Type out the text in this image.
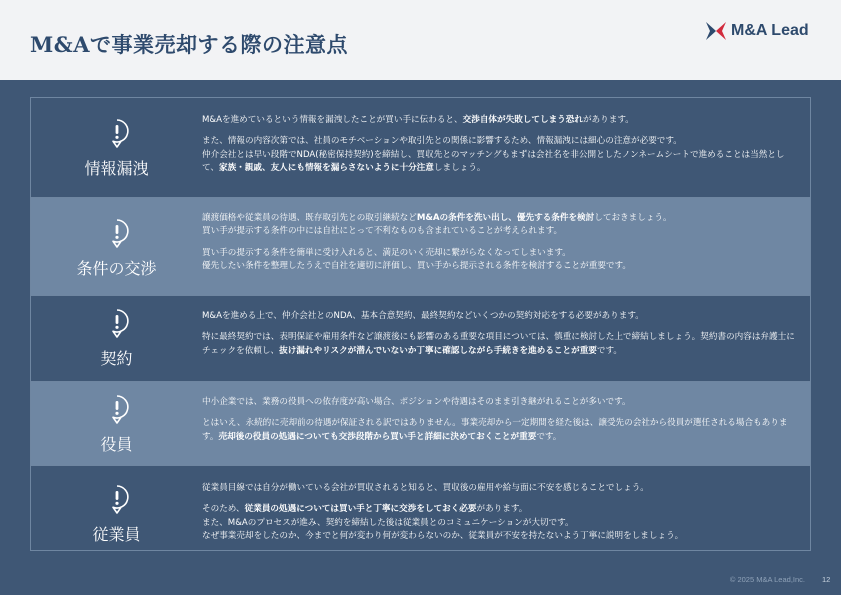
M&Aで事業売却する際の注意点
M&A Lead
情報漏洩
M&Aを進めているという情報を漏洩したことが買い手に伝わると、交渉自体が失敗してしまう恐れがあります。
また、情報の内容次第では、社員のモチベーションや取引先との関係に影響するため、情報漏洩には細心の注意が必要です。
仲介会社とは早い段階でNDA(秘密保持契約)を締結し、買収先とのマッチングもまずは会社名を非公開としたノンネームシートで進めることは当然として、家族・親戚、友人にも情報を漏らさないように十分注意しましょう。
条件の交渉
譲渡価格や従業員の待遇、既存取引先との取引継続などM&Aの条件を洗い出し、優先する条件を検討しておきましょう。
買い手が提示する条件の中には自社にとって不利なものも含まれていることが考えられます。
買い手の提示する条件を簡単に受け入れると、満足のいく売却に繋がらなくなってしまいます。
優先したい条件を整理したうえで自社を適切に評価し、買い手から提示される条件を検討することが重要です。
契約
M&Aを進める上で、仲介会社とのNDA、基本合意契約、最終契約などいくつかの契約対応をする必要があります。
特に最終契約では、表明保証や雇用条件など譲渡後にも影響のある重要な項目については、慎重に検討した上で締結しましょう。契約書の内容は弁護士にチェックを依頼し、抜け漏れやリスクが潜んでいないか丁寧に確認しながら手続きを進めることが重要です。
役員
中小企業では、業務の役員への依存度が高い場合、ポジションや待遇はそのまま引き継がれることが多いです。
とはいえ、永続的に売却前の待遇が保証される訳ではありません。事業売却から一定期間を経た後は、譲受先の会社から役員が選任される場合もあります。売却後の役員の処遇についても交渉段階から買い手と詳細に決めておくことが重要です。
従業員
従業員目線では自分が働いている会社が買収されると知ると、買収後の雇用や給与面に不安を感じることでしょう。
そのため、従業員の処遇については買い手と丁寧に交渉をしておく必要があります。
また、M&Aのプロセスが進み、契約を締結した後は従業員とのコミュニケーションが大切です。
なぜ事業売却をしたのか、今までと何が変わり何が変わらないのか、従業員が不安を持たないよう丁寧に説明をしましょう。
© 2025 M&A Lead,Inc. 12
